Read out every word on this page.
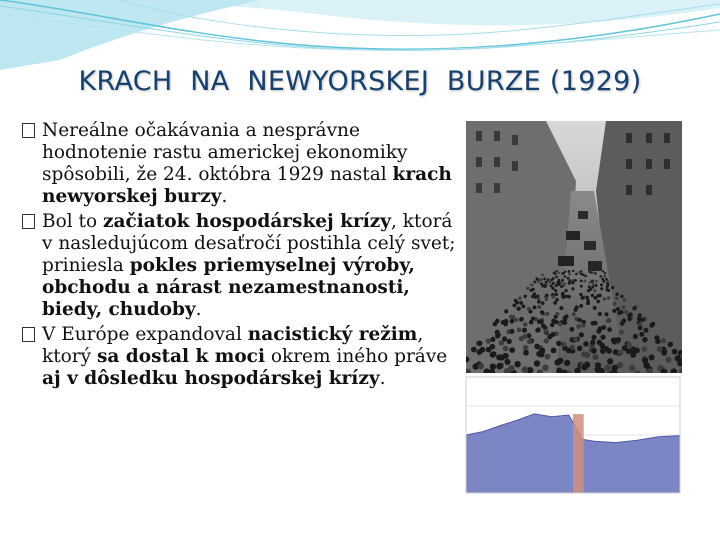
KRACH  NA  NEWYORSKEJ  BURZE (1929)
Nereálne očakávania a nesprávne hodnotenie rastu americkej ekonomiky spôsobili, že 24. októbra 1929 nastal krach newyorskej burzy.
Bol to začiatok hospodárskej krízy, ktorá v nasledujúcom desaťročí postihla celý svet; priniesla pokles priemyselnej výroby, obchodu a nárast nezamestnanosti, biedy, chudoby.
V Európe expandoval nacistický režim, ktorý sa dostal k moci okrem iného práve aj v dôsledku hospodárskej krízy.
